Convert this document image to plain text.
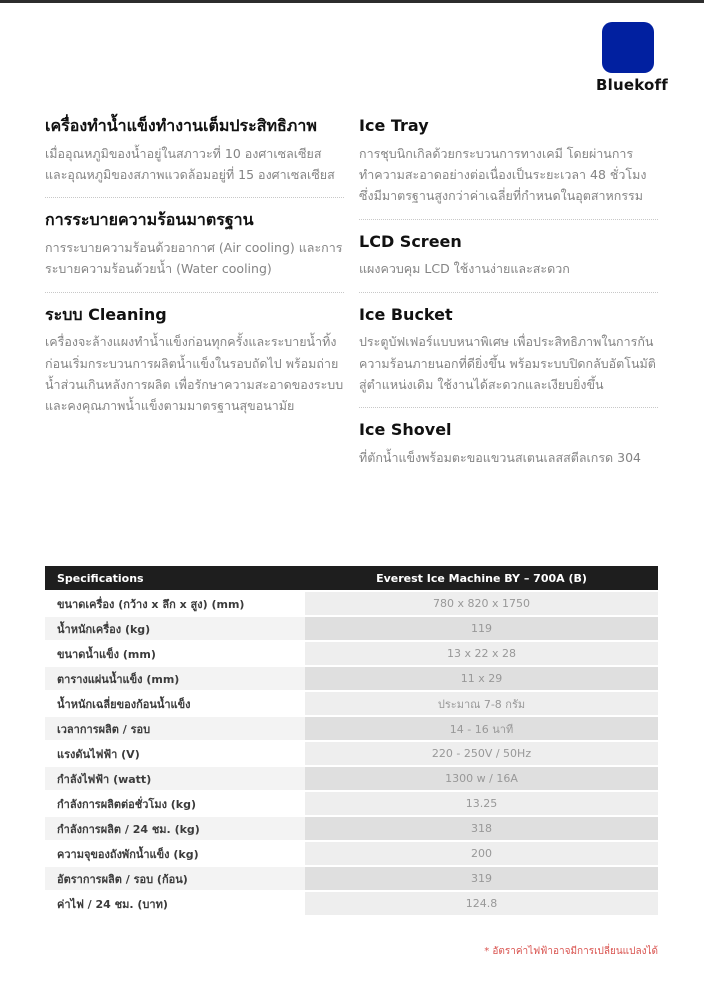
Bluekoff
เครื่องทำน้ำแข็งทำงานเต็มประสิทธิภาพ

เมื่ออุณหภูมิของน้ำอยู่ในสภาวะที่ 10 องศาเซลเซียส และอุณหภูมิของสภาพแวดล้อมอยู่ที่ 15 องศาเซลเซียส

การระบายความร้อนมาตรฐาน

การระบายความร้อนด้วยอากาศ (Air cooling) และการระบายความร้อนด้วยน้ำ (Water cooling)

ระบบ Cleaning

เครื่องจะล้างแผงทำน้ำแข็งก่อนทุกครั้งและระบายน้ำทิ้งก่อนเริ่มกระบวนการผลิตน้ำแข็งในรอบถัดไป พร้อมถ่ายน้ำส่วนเกินหลังการผลิต เพื่อรักษาความสะอาดของระบบและคงคุณภาพน้ำแข็งตามมาตรฐานสุขอนามัย

Ice Tray

การชุบนิกเกิลด้วยกระบวนการทางเคมี โดยผ่านการทำความสะอาดอย่างต่อเนื่องเป็นระยะเวลา 48 ชั่วโมง ซึ่งมีมาตรฐานสูงกว่าค่าเฉลี่ยที่กำหนดในอุตสาหกรรม

LCD Screen

แผงควบคุม LCD ใช้งานง่ายและสะดวก

Ice Bucket

ประตูบัฟเฟอร์แบบหนาพิเศษ เพื่อประสิทธิภาพในการกันความร้อนภายนอกที่ดียิ่งขึ้น พร้อมระบบปิดกลับอัตโนมัติสู่ตำแหน่งเดิม ใช้งานได้สะดวกและเงียบยิ่งขึ้น

Ice Shovel

ที่ตักน้ำแข็งพร้อมตะขอแขวนสเตนเลสสตีลเกรด 304

Specifications	Everest Ice Machine BY – 700A (B)
ขนาดเครื่อง (กว้าง x ลึก x สูง) (mm)	780 x 820 x 1750
น้ำหนักเครื่อง (kg)	119
ขนาดน้ำแข็ง (mm)	13 x 22 x 28
ตารางแผ่นน้ำแข็ง (mm)	11 x 29
น้ำหนักเฉลี่ยของก้อนน้ำแข็ง	ประมาณ 7-8 กรัม
เวลาการผลิต / รอบ	14 - 16 นาที
แรงดันไฟฟ้า (V)	220 - 250V / 50Hz
กำลังไฟฟ้า (watt)	1300 w / 16A
กำลังการผลิตต่อชั่วโมง (kg)	13.25
กำลังการผลิต / 24 ชม. (kg)	318
ความจุของถังพักน้ำแข็ง (kg)	200
อัตราการผลิต / รอบ (ก้อน)	319
ค่าไฟ / 24 ชม. (บาท)	124.8
* อัตราค่าไฟฟ้าอาจมีการเปลี่ยนแปลงได้
